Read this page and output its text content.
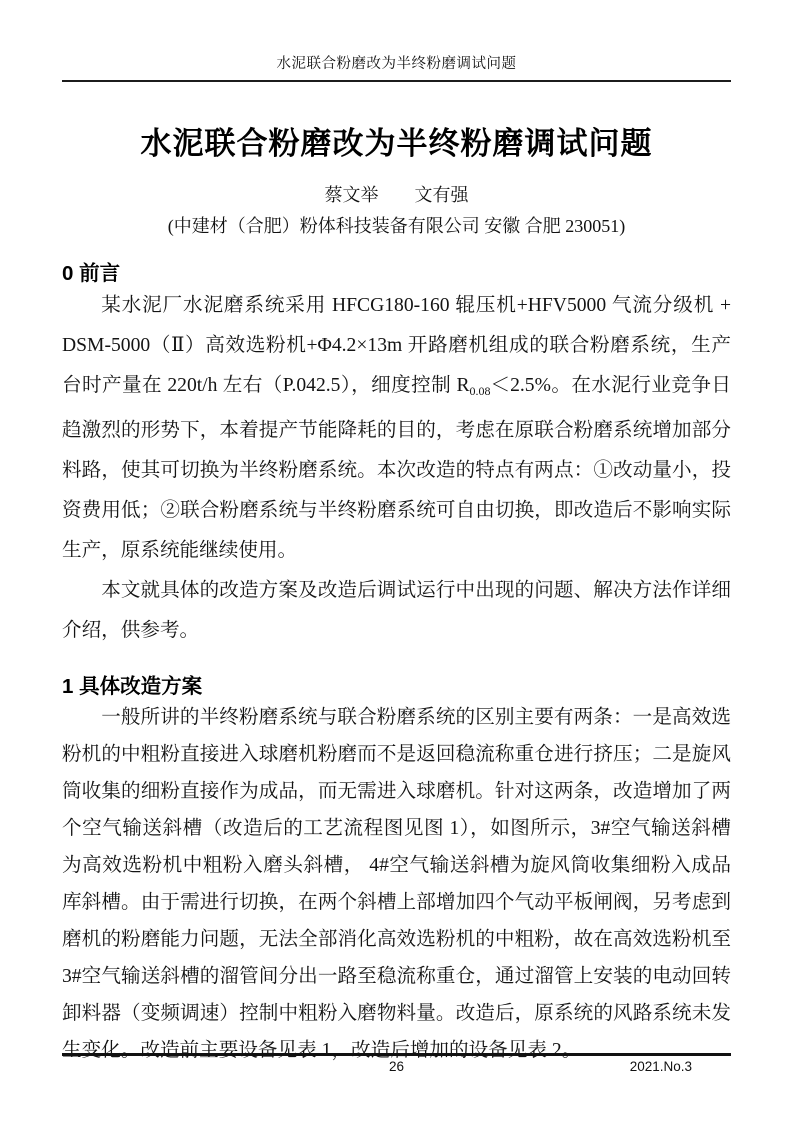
水泥联合粉磨改为半终粉磨调试问题
水泥联合粉磨改为半终粉磨调试问题
蔡文举　　文有强
(中建材（合肥）粉体科技装备有限公司 安徽 合肥 230051)
0 前言

某水泥厂水泥磨系统采用 HFCG180-160 辊压机+HFV5000 气流分级机 + DSM-5000（Ⅱ）高效选粉机+Φ4.2×13m 开路磨机组成的联合粉磨系统，生产台时产量在 220t/h 左右（P.042.5），细度控制 $R_{0.08}<2.5\%$。在水泥行业竞争日趋激烈的形势下，本着提产节能降耗的目的，考虑在原联合粉磨系统增加部分料路，使其可切换为半终粉磨系统。本次改造的特点有两点：①改动量小，投资费用低；②联合粉磨系统与半终粉磨系统可自由切换，即改造后不影响实际生产，原系统能继续使用。

本文就具体的改造方案及改造后调试运行中出现的问题、解决方法作详细介绍，供参考。

1 具体改造方案

一般所讲的半终粉磨系统与联合粉磨系统的区别主要有两条：一是高效选粉机的中粗粉直接进入球磨机粉磨而不是返回稳流称重仓进行挤压；二是旋风筒收集的细粉直接作为成品，而无需进入球磨机。针对这两条，改造增加了两个空气输送斜槽（改造后的工艺流程图见图 1），如图所示，3#空气输送斜槽为高效选粉机中粗粉入磨头斜槽， 4#空气输送斜槽为旋风筒收集细粉入成品库斜槽。由于需进行切换，在两个斜槽上部增加四个气动平板闸阀，另考虑到磨机的粉磨能力问题，无法全部消化高效选粉机的中粗粉，故在高效选粉机至 3#空气输送斜槽的溜管间分出一路至稳流称重仓，通过溜管上安装的电动回转卸料器（变频调速）控制中粗粉入磨物料量。改造后，原系统的风路系统未发生变化。改造前主要设备见表 1，改造后增加的设备见表 2。

26	2021.No.3
